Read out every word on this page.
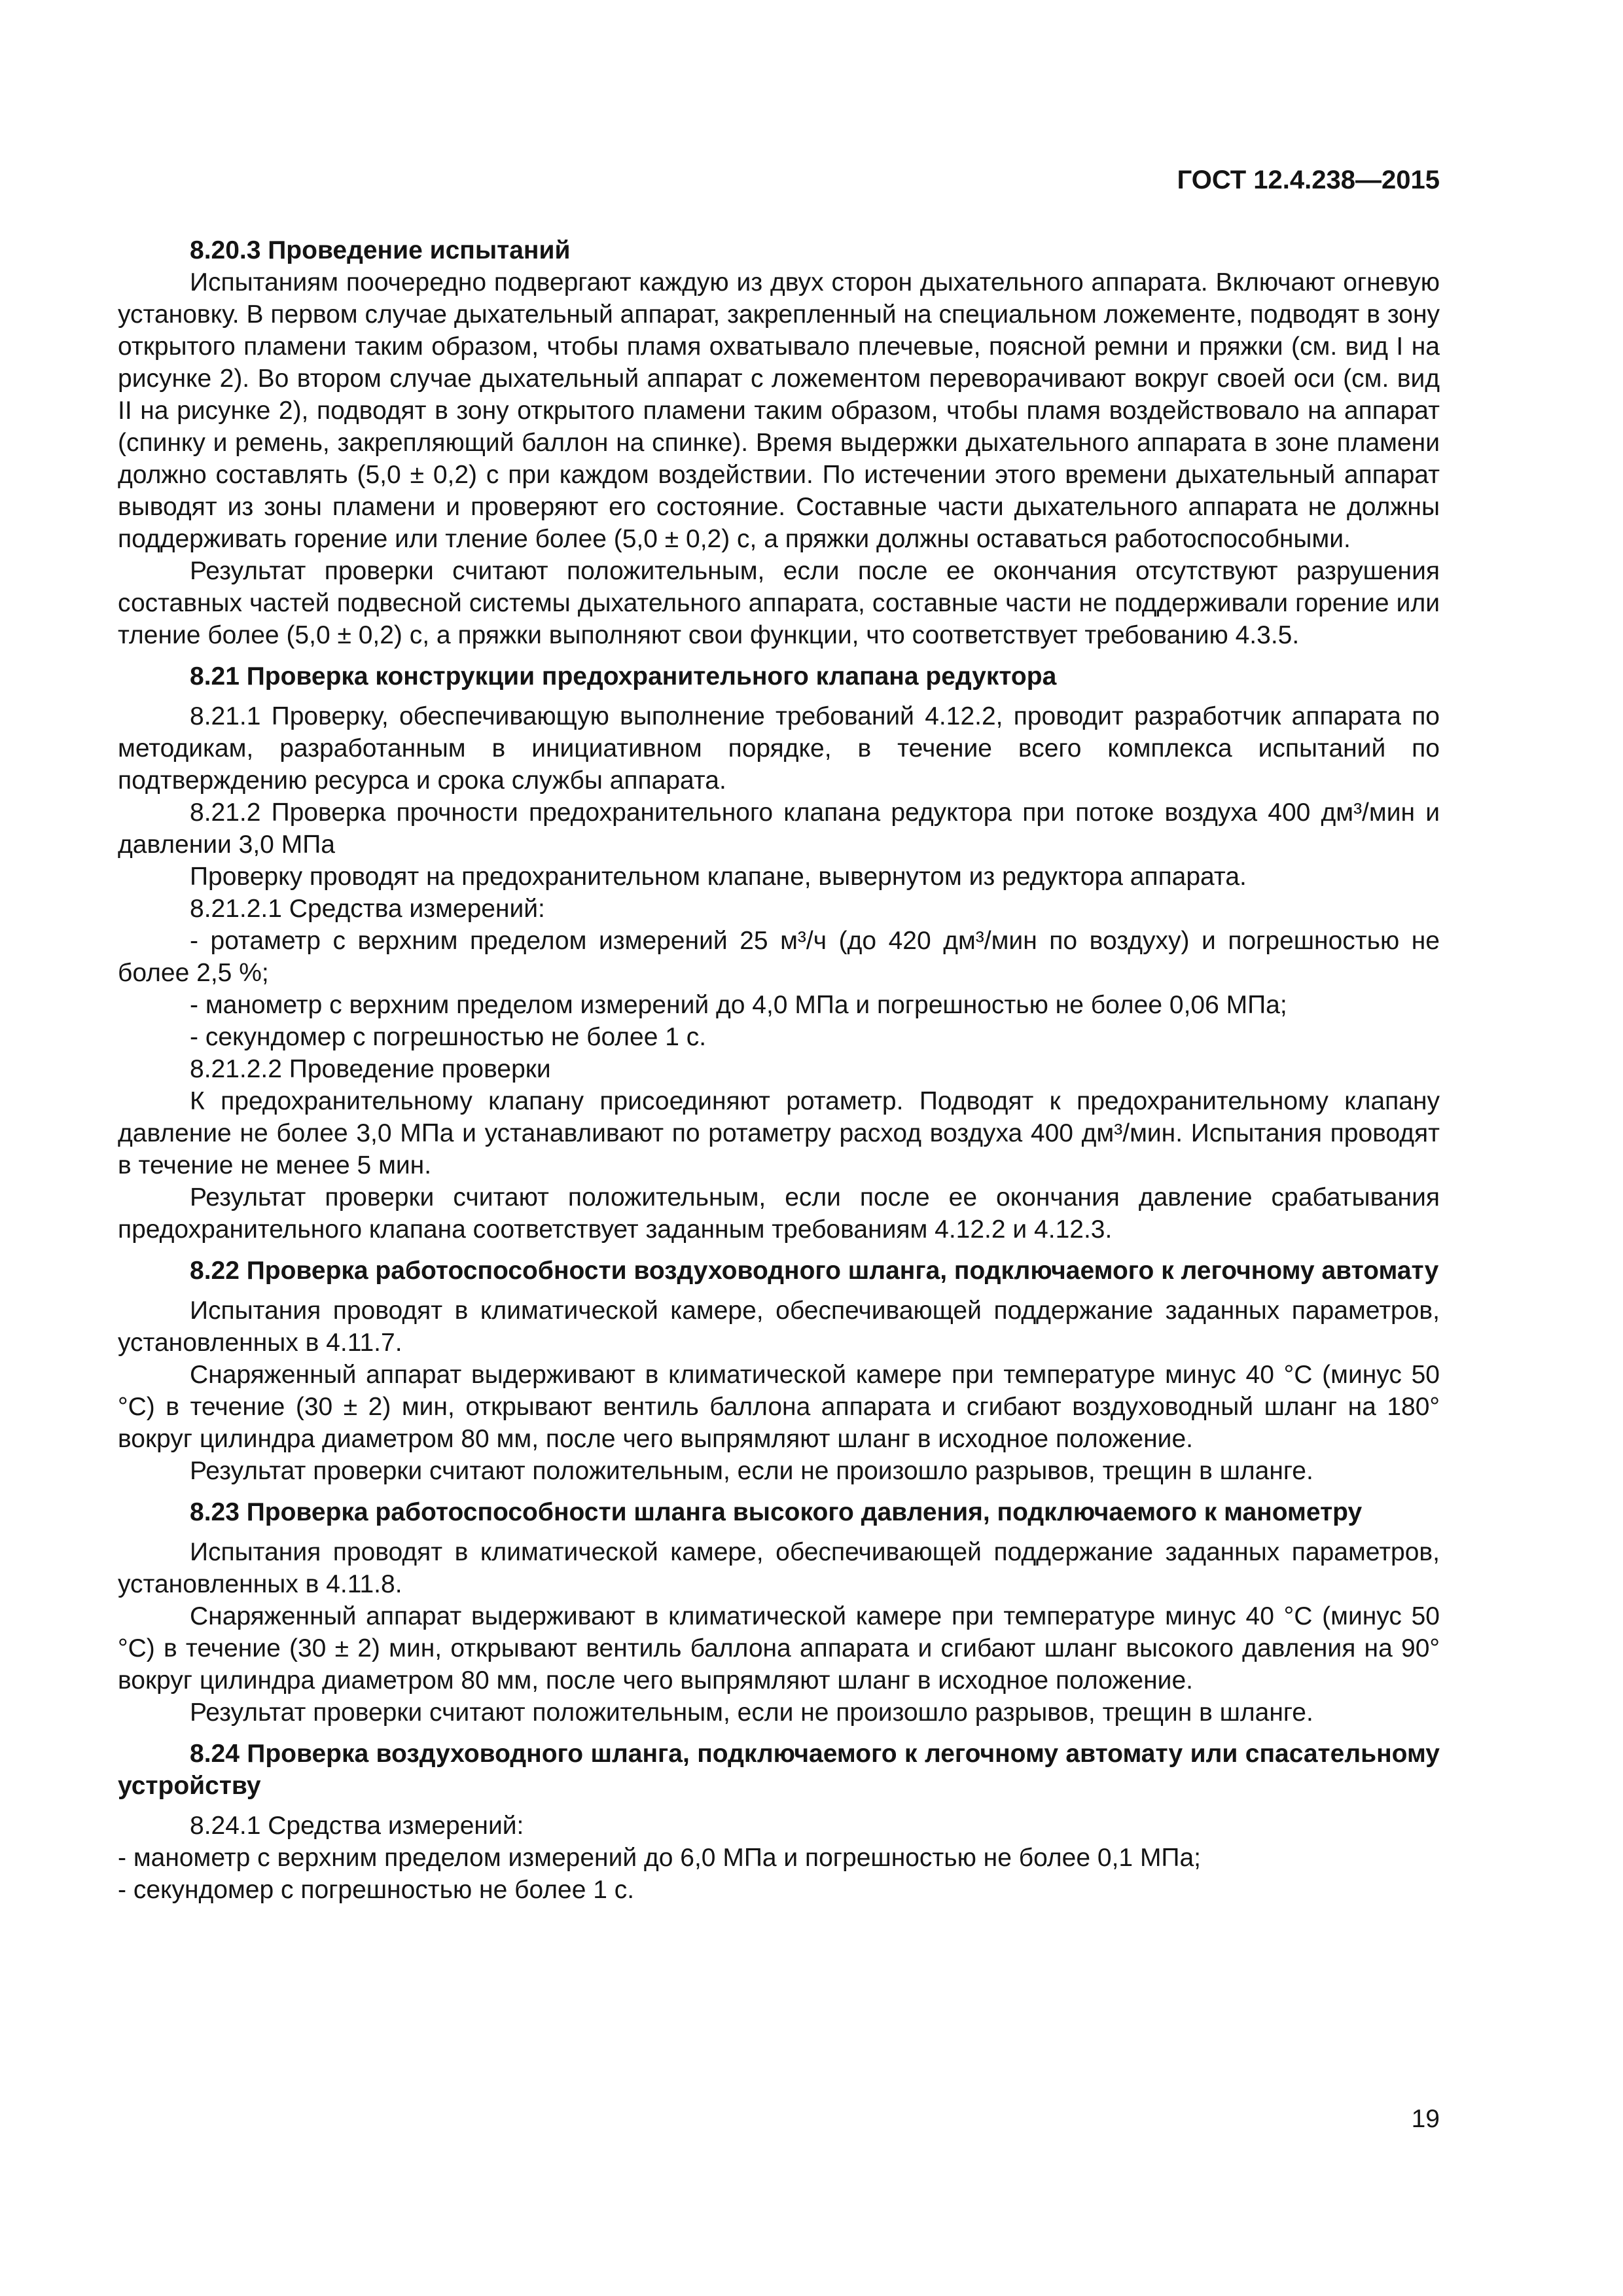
ГОСТ 12.4.238—2015

8.20.3 Проведение испытаний

Испытаниям поочередно подвергают каждую из двух сторон дыхательного аппарата. Включают огневую установку. В первом случае дыхательный аппарат, закрепленный на специальном ложементе, подводят в зону открытого пламени таким образом, чтобы пламя охватывало плечевые, поясной ремни и пряжки (см. вид I на рисунке 2). Во втором случае дыхательный аппарат с ложементом переворачивают вокруг своей оси (см. вид II на рисунке 2), подводят в зону открытого пламени таким образом, чтобы пламя воздействовало на аппарат (спинку и ремень, закрепляющий баллон на спинке). Время выдержки дыхательного аппарата в зоне пламени должно составлять (5,0 ± 0,2) с при каждом воздействии. По истечении этого времени дыхательный аппарат выводят из зоны пламени и проверяют его состояние. Составные части дыхательного аппарата не должны поддерживать горение или тление более (5,0 ± 0,2) с, а пряжки должны оставаться работоспособными.

Результат проверки считают положительным, если после ее окончания отсутствуют разрушения составных частей подвесной системы дыхательного аппарата, составные части не поддерживали горение или тление более (5,0 ± 0,2) с, а пряжки выполняют свои функции, что соответствует требованию 4.3.5.

8.21 Проверка конструкции предохранительного клапана редуктора

8.21.1 Проверку, обеспечивающую выполнение требований 4.12.2, проводит разработчик аппарата по методикам, разработанным в инициативном порядке, в течение всего комплекса испытаний по подтверждению ресурса и срока службы аппарата.

8.21.2 Проверка прочности предохранительного клапана редуктора при потоке воздуха 400 дм³/мин и давлении 3,0 МПа

Проверку проводят на предохранительном клапане, вывернутом из редуктора аппарата.

8.21.2.1 Средства измерений:

- ротаметр с верхним пределом измерений 25 м³/ч (до 420 дм³/мин по воздуху) и погрешностью не более 2,5 %;

- манометр с верхним пределом измерений до 4,0 МПа и погрешностью не более 0,06 МПа;

- секундомер с погрешностью не более 1 с.

8.21.2.2 Проведение проверки

К предохранительному клапану присоединяют ротаметр. Подводят к предохранительному клапану давление не более 3,0 МПа и устанавливают по ротаметру расход воздуха 400 дм³/мин. Испытания проводят в течение не менее 5 мин.

Результат проверки считают положительным, если после ее окончания давление срабатывания предохранительного клапана соответствует заданным требованиям 4.12.2 и 4.12.3.

8.22 Проверка работоспособности воздуховодного шланга, подключаемого к легочному автомату

Испытания проводят в климатической камере, обеспечивающей поддержание заданных параметров, установленных в 4.11.7.

Снаряженный аппарат выдерживают в климатической камере при температуре минус 40 °С (минус 50 °С) в течение (30 ± 2) мин, открывают вентиль баллона аппарата и сгибают воздуховодный шланг на 180° вокруг цилиндра диаметром 80 мм, после чего выпрямляют шланг в исходное положение.

Результат проверки считают положительным, если не произошло разрывов, трещин в шланге.

8.23 Проверка работоспособности шланга высокого давления, подключаемого к манометру

Испытания проводят в климатической камере, обеспечивающей поддержание заданных параметров, установленных в 4.11.8.

Снаряженный аппарат выдерживают в климатической камере при температуре минус 40 °С (минус 50 °С) в течение (30 ± 2) мин, открывают вентиль баллона аппарата и сгибают шланг высокого давления на 90° вокруг цилиндра диаметром 80 мм, после чего выпрямляют шланг в исходное положение.

Результат проверки считают положительным, если не произошло разрывов, трещин в шланге.

8.24 Проверка воздуховодного шланга, подключаемого к легочному автомату или спасательному устройству

8.24.1 Средства измерений:

- манометр с верхним пределом измерений до 6,0 МПа и погрешностью не более 0,1 МПа;

- секундомер с погрешностью не более 1 с.

19
